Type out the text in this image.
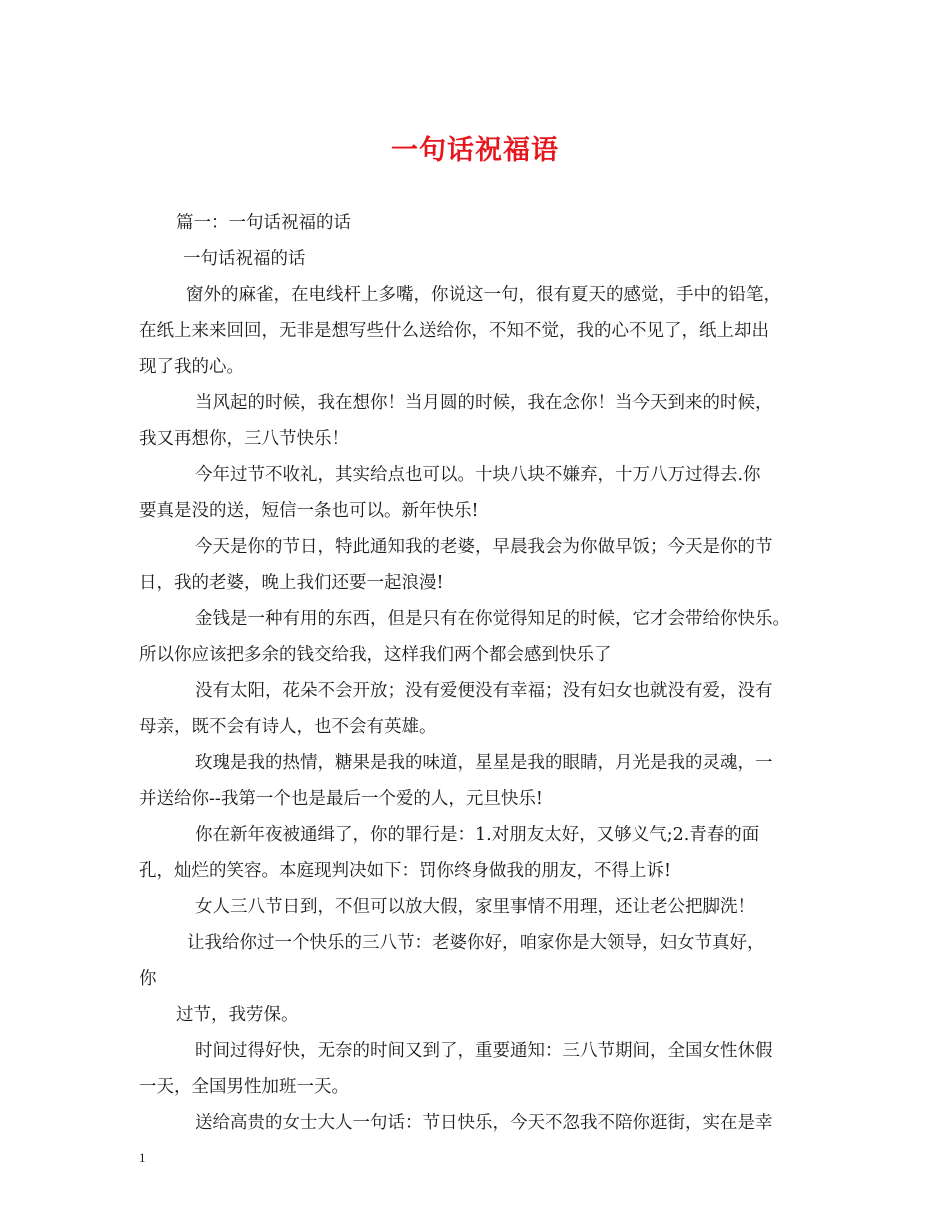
一句话祝福语
篇一：一句话祝福的话
一句话祝福的话
窗外的麻雀，在电线杆上多嘴，你说这一句，很有夏天的感觉，手中的铅笔，
在纸上来来回回，无非是想写些什么送给你，不知不觉，我的心不见了，纸上却出
现了我的心。
当风起的时候，我在想你！当月圆的时候，我在念你！当今天到来的时候，
我又再想你，三八节快乐！
今年过节不收礼，其实给点也可以。十块八块不嫌弃，十万八万过得去.你
要真是没的送，短信一条也可以。新年快乐!
今天是你的节日，特此通知我的老婆，早晨我会为你做早饭；今天是你的节
日，我的老婆，晚上我们还要一起浪漫!
金钱是一种有用的东西，但是只有在你觉得知足的时候，它才会带给你快乐。
所以你应该把多余的钱交给我，这样我们两个都会感到快乐了
没有太阳，花朵不会开放；没有爱便没有幸福；没有妇女也就没有爱，没有
母亲，既不会有诗人，也不会有英雄。
玫瑰是我的热情，糖果是我的味道，星星是我的眼睛，月光是我的灵魂，一
并送给你--我第一个也是最后一个爱的人，元旦快乐!
你在新年夜被通缉了，你的罪行是：1.对朋友太好，又够义气;2.青春的面
孔，灿烂的笑容。本庭现判决如下：罚你终身做我的朋友，不得上诉!
女人三八节日到，不但可以放大假，家里事情不用理，还让老公把脚洗！
让我给你过一个快乐的三八节：老婆你好，咱家你是大领导，妇女节真好，
你
过节，我劳保。
时间过得好快，无奈的时间又到了，重要通知：三八节期间，全国女性休假
一天，全国男性加班一天。
送给高贵的女士大人一句话：节日快乐，今天不忽我不陪你逛街，实在是幸
1
